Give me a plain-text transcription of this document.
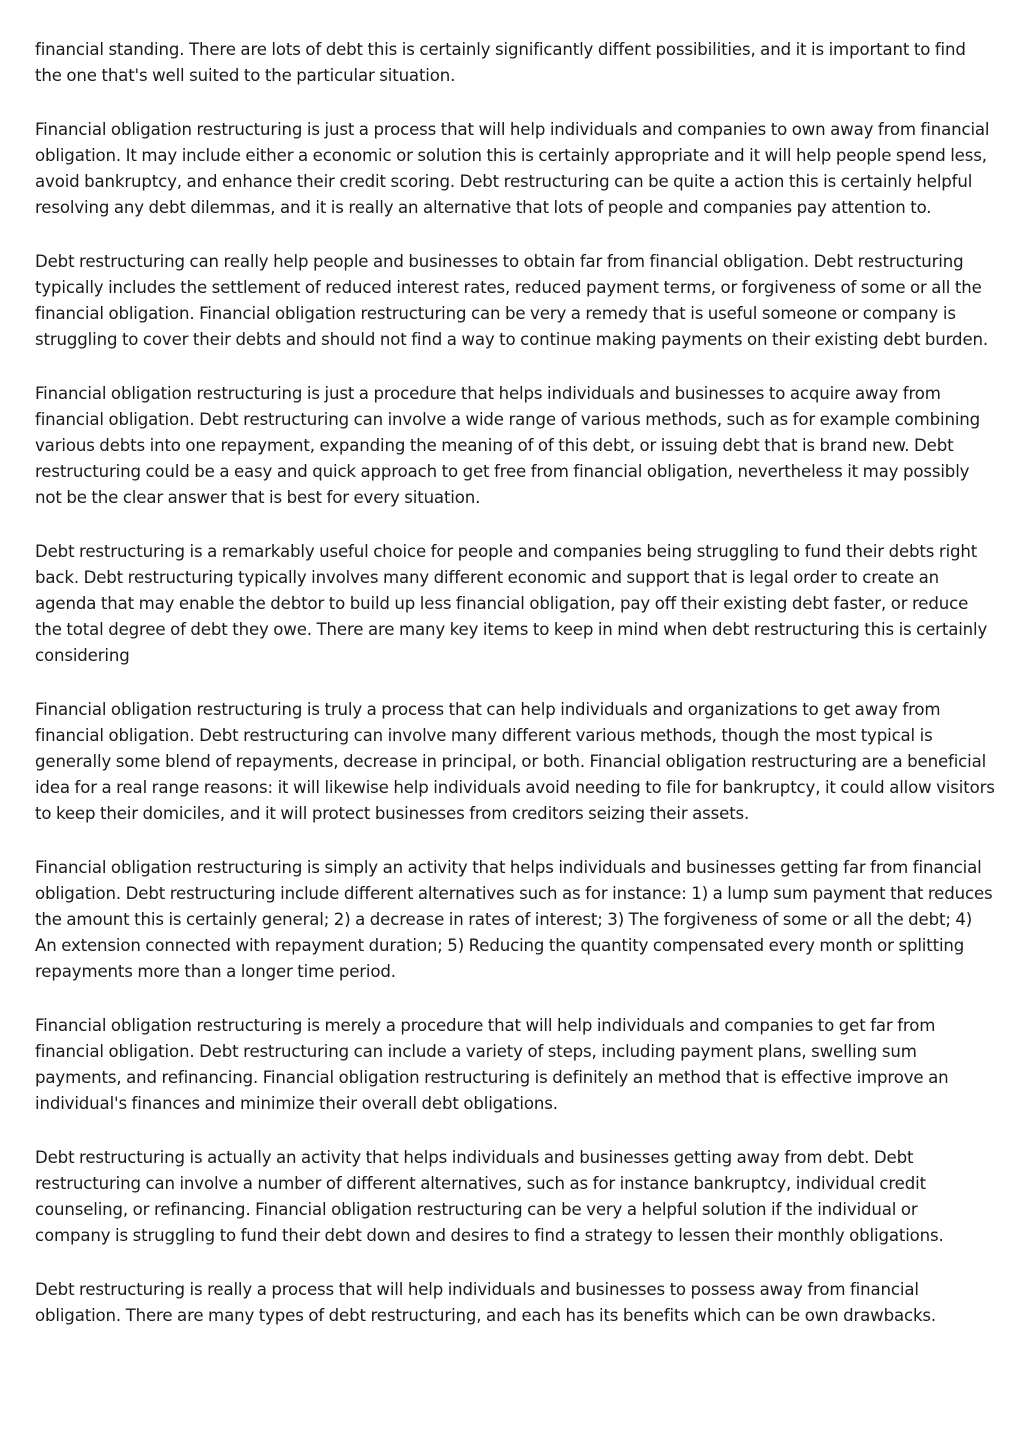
financial standing. There are lots of debt this is certainly significantly diffent possibilities, and it is important to find the one that's well suited to the particular situation.

Financial obligation restructuring is just a process that will help individuals and companies to own away from financial obligation. It may include either a economic or solution this is certainly appropriate and it will help people spend less, avoid bankruptcy, and enhance their credit scoring. Debt restructuring can be quite a action this is certainly helpful resolving any debt dilemmas, and it is really an alternative that lots of people and companies pay attention to.

Debt restructuring can really help people and businesses to obtain far from financial obligation. Debt restructuring typically includes the settlement of reduced interest rates, reduced payment terms, or forgiveness of some or all the financial obligation. Financial obligation restructuring can be very a remedy that is useful someone or company is struggling to cover their debts and should not find a way to continue making payments on their existing debt burden.

Financial obligation restructuring is just a procedure that helps individuals and businesses to acquire away from financial obligation. Debt restructuring can involve a wide range of various methods, such as for example combining various debts into one repayment, expanding the meaning of of this debt, or issuing debt that is brand new. Debt restructuring could be a easy and quick approach to get free from financial obligation, nevertheless it may possibly not be the clear answer that is best for every situation.

Debt restructuring is a remarkably useful choice for people and companies being struggling to fund their debts right back. Debt restructuring typically involves many different economic and support that is legal order to create an agenda that may enable the debtor to build up less financial obligation, pay off their existing debt faster, or reduce the total degree of debt they owe. There are many key items to keep in mind when debt restructuring this is certainly considering

Financial obligation restructuring is truly a process that can help individuals and organizations to get away from financial obligation. Debt restructuring can involve many different various methods, though the most typical is generally some blend of repayments, decrease in principal, or both. Financial obligation restructuring are a beneficial idea for a real range reasons: it will likewise help individuals avoid needing to file for bankruptcy, it could allow visitors to keep their domiciles, and it will protect businesses from creditors seizing their assets.

Financial obligation restructuring is simply an activity that helps individuals and businesses getting far from financial obligation. Debt restructuring include different alternatives such as for instance: 1) a lump sum payment that reduces the amount this is certainly general; 2) a decrease in rates of interest; 3) The forgiveness of some or all the debt; 4) An extension connected with repayment duration; 5) Reducing the quantity compensated every month or splitting repayments more than a longer time period.

Financial obligation restructuring is merely a procedure that will help individuals and companies to get far from financial obligation. Debt restructuring can include a variety of steps, including payment plans, swelling sum payments, and refinancing. Financial obligation restructuring is definitely an method that is effective improve an individual's finances and minimize their overall debt obligations.

Debt restructuring is actually an activity that helps individuals and businesses getting away from debt. Debt restructuring can involve a number of different alternatives, such as for instance bankruptcy, individual credit counseling, or refinancing. Financial obligation restructuring can be very a helpful solution if the individual or company is struggling to fund their debt down and desires to find a strategy to lessen their monthly obligations.

Debt restructuring is really a process that will help individuals and businesses to possess away from financial obligation. There are many types of debt restructuring, and each has its benefits which can be own drawbacks.
